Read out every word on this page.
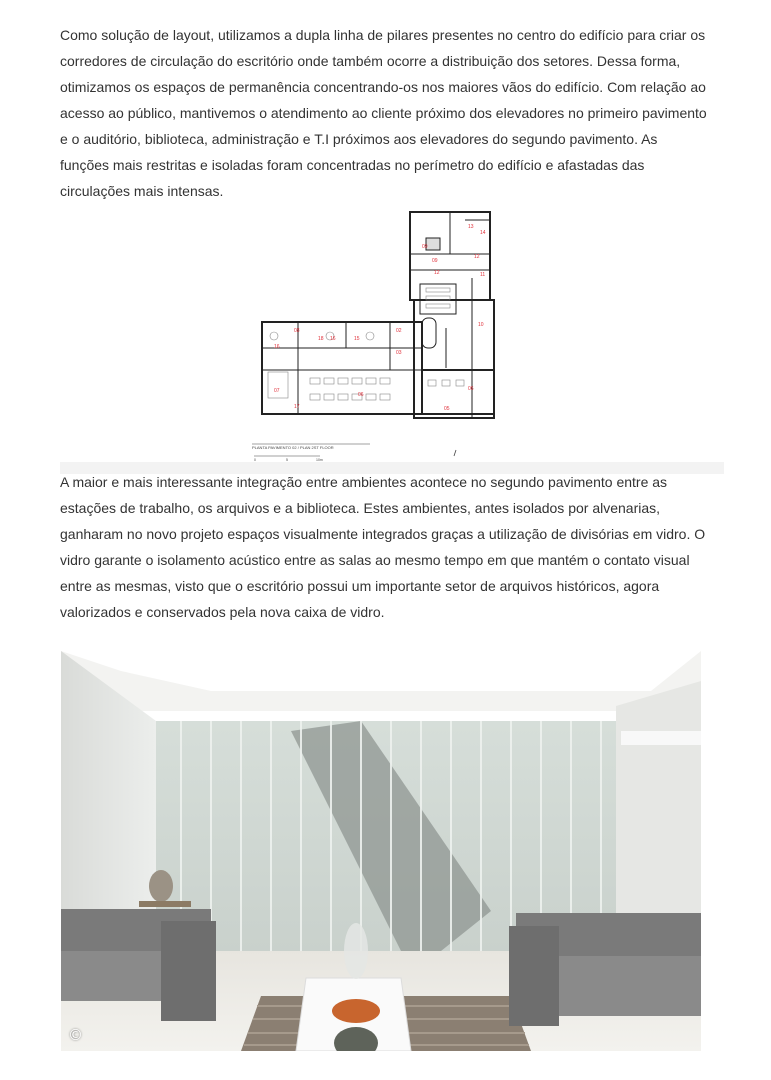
Como solução de layout, utilizamos a dupla linha de pilares presentes no centro do edifício para criar os corredores de circulação do escritório onde também ocorre a distribuição dos setores. Dessa forma, otimizamos os espaços de permanência concentrando-os nos maiores vãos do edifício. Com relação ao acesso ao público, mantivemos o atendimento ao cliente próximo dos elevadores no primeiro pavimento e o auditório, biblioteca, administração e T.I próximos aos elevadores do segundo pavimento. As funções mais restritas e isoladas foram concentradas no perímetro do edifício e afastadas das circulações mais intensas.

13
14
09
09
12
12	11
10
02
03
08
18 16	15
16
07
06
06
05
17
PLANTA PAVIMENTO 02 / PLAN 2ST FLOOR
0	5	10m

A maior e mais interessante integração entre ambientes acontece no segundo pavimento entre as estações de trabalho, os arquivos e a biblioteca. Estes ambientes, antes isolados por alvenarias, ganharam no novo projeto espaços visualmente integrados graças a utilização de divisórias em vidro. O vidro garante o isolamento acústico entre as salas ao mesmo tempo em que mantém o contato visual entre as mesmas, visto que o escritório possui um importante setor de arquivos históricos, agora valorizados e conservados pela nova caixa de vidro.

©
